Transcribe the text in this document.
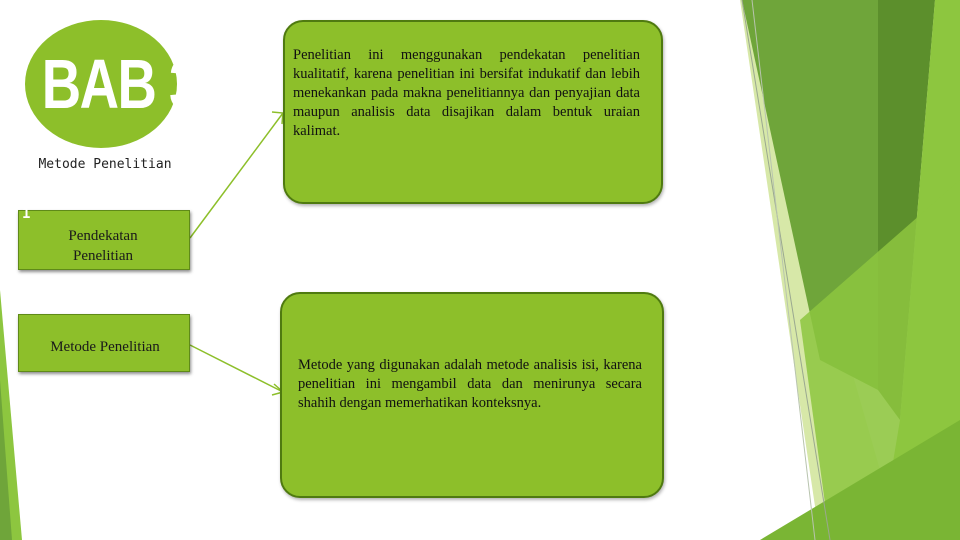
BAB 3
Metode Penelitian
1
Pendekatan Penelitian
2
Metode Penelitian
Penelitian ini menggunakan pendekatan penelitian kualitatif, karena penelitian ini bersifat indukatif dan lebih menekankan pada makna penelitiannya dan penyajian data maupun analisis data disajikan dalam bentuk uraian kalimat.
Metode yang digunakan adalah metode analisis isi, karena penelitian ini mengambil data dan menirunya secara shahih dengan memerhatikan konteksnya.
